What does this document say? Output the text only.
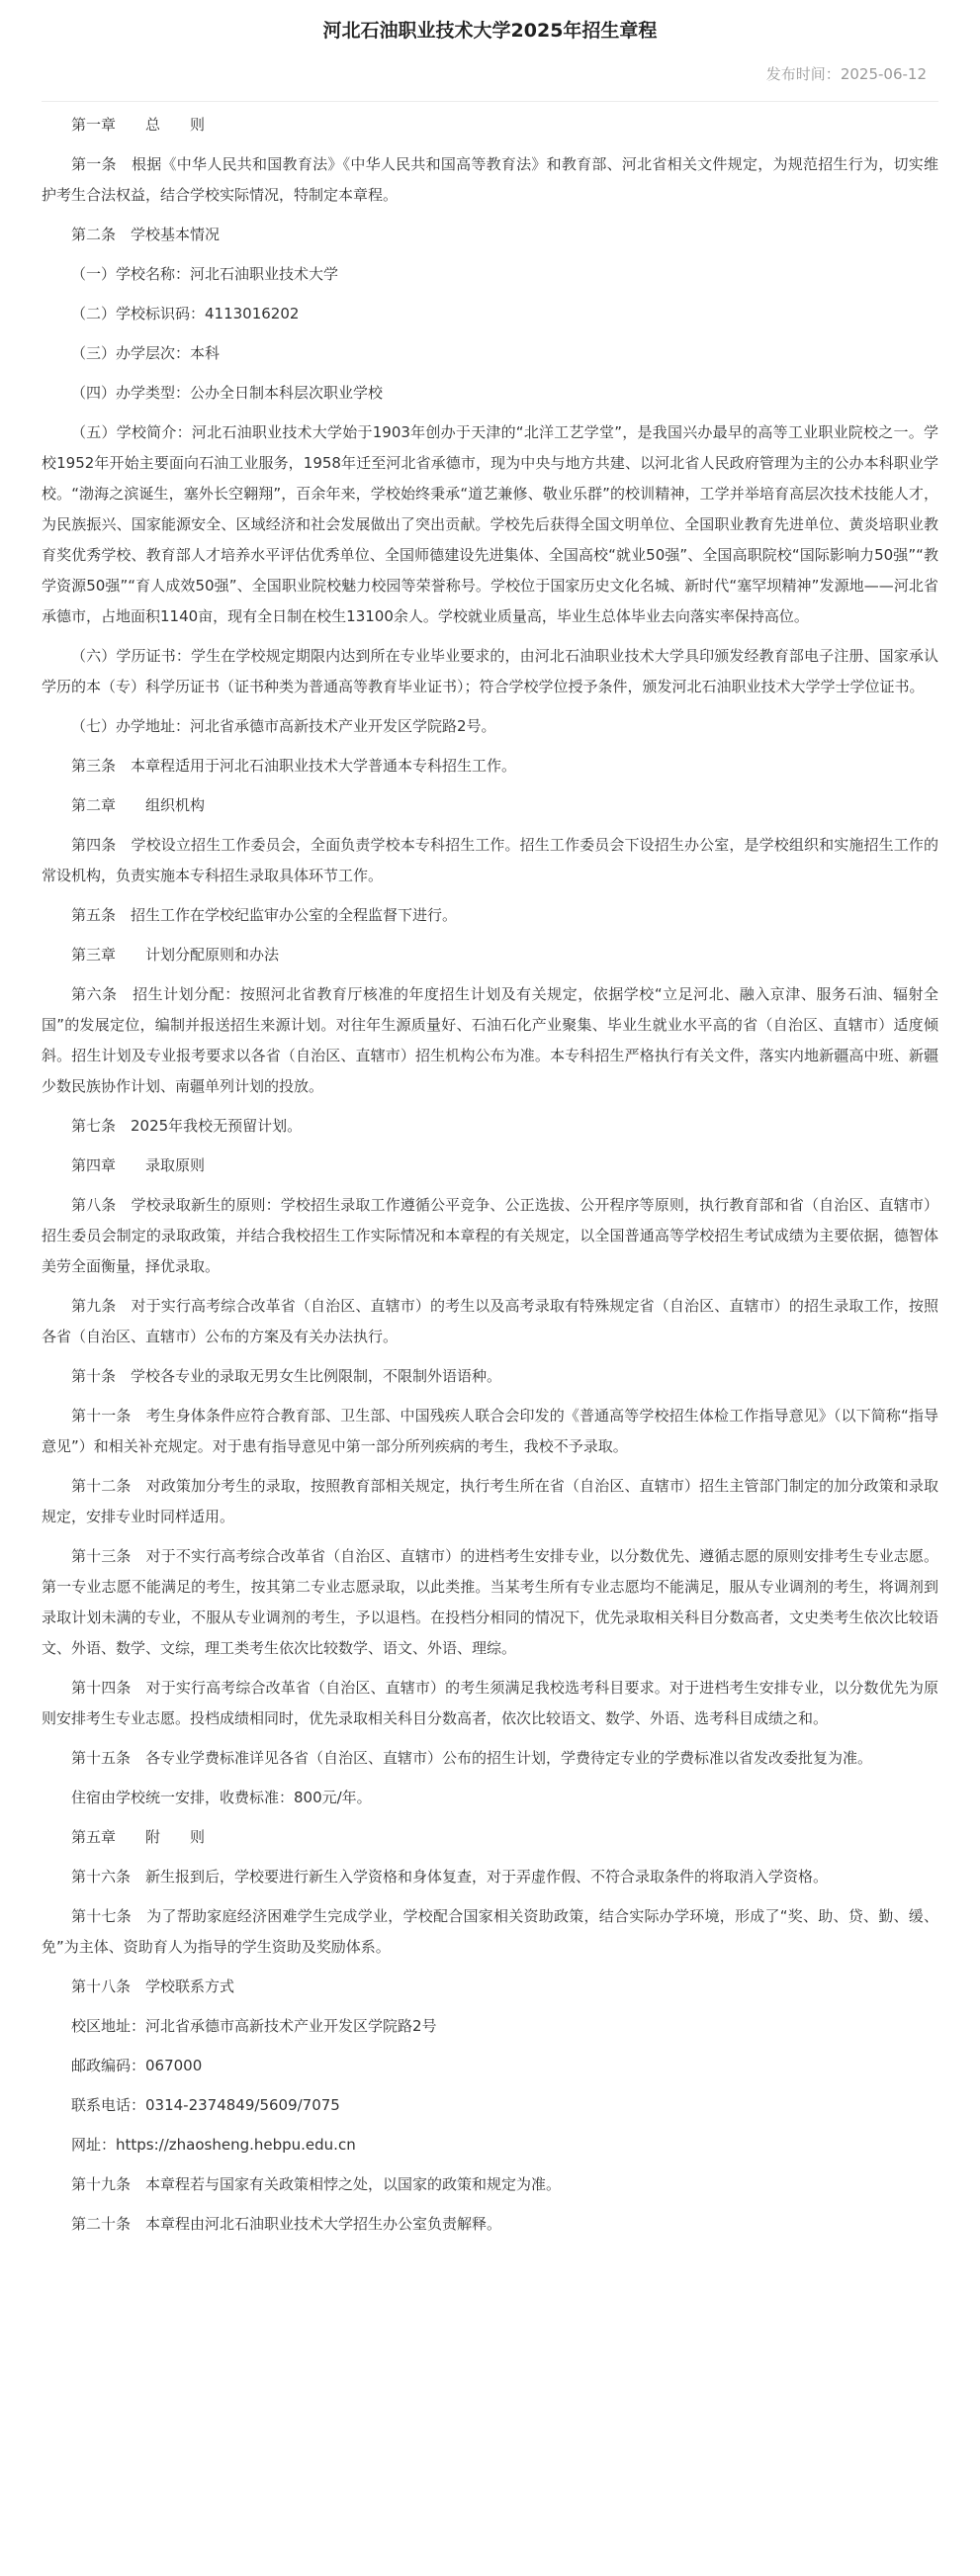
河北石油职业技术大学2025年招生章程
发布时间：2025-06-12

第一章　　总　　则

第一条　根据《中华人民共和国教育法》《中华人民共和国高等教育法》和教育部、河北省相关文件规定，为规范招生行为，切实维护考生合法权益，结合学校实际情况，特制定本章程。

第二条　学校基本情况

（一）学校名称：河北石油职业技术大学

（二）学校标识码：4113016202

（三）办学层次：本科

（四）办学类型：公办全日制本科层次职业学校

（五）学校简介：河北石油职业技术大学始于1903年创办于天津的“北洋工艺学堂”，是我国兴办最早的高等工业职业院校之一。学校1952年开始主要面向石油工业服务，1958年迁至河北省承德市，现为中央与地方共建、以河北省人民政府管理为主的公办本科职业学校。“渤海之滨诞生，塞外长空翱翔”，百余年来，学校始终秉承“道艺兼修、敬业乐群”的校训精神，工学并举培育高层次技术技能人才，为民族振兴、国家能源安全、区域经济和社会发展做出了突出贡献。学校先后获得全国文明单位、全国职业教育先进单位、黄炎培职业教育奖优秀学校、教育部人才培养水平评估优秀单位、全国师德建设先进集体、全国高校“就业50强”、全国高职院校“国际影响力50强”“教学资源50强”“育人成效50强”、全国职业院校魅力校园等荣誉称号。学校位于国家历史文化名城、新时代“塞罕坝精神”发源地——河北省承德市，占地面积1140亩，现有全日制在校生13100余人。学校就业质量高，毕业生总体毕业去向落实率保持高位。

（六）学历证书：学生在学校规定期限内达到所在专业毕业要求的，由河北石油职业技术大学具印颁发经教育部电子注册、国家承认学历的本（专）科学历证书（证书种类为普通高等教育毕业证书）；符合学校学位授予条件，颁发河北石油职业技术大学学士学位证书。

（七）办学地址：河北省承德市高新技术产业开发区学院路2号。

第三条　本章程适用于河北石油职业技术大学普通本专科招生工作。

第二章　　组织机构

第四条　学校设立招生工作委员会，全面负责学校本专科招生工作。招生工作委员会下设招生办公室，是学校组织和实施招生工作的常设机构，负责实施本专科招生录取具体环节工作。

第五条　招生工作在学校纪监审办公室的全程监督下进行。

第三章　　计划分配原则和办法

第六条　招生计划分配：按照河北省教育厅核准的年度招生计划及有关规定，依据学校“立足河北、融入京津、服务石油、辐射全国”的发展定位，编制并报送招生来源计划。对往年生源质量好、石油石化产业聚集、毕业生就业水平高的省（自治区、直辖市）适度倾斜。招生计划及专业报考要求以各省（自治区、直辖市）招生机构公布为准。本专科招生严格执行有关文件，落实内地新疆高中班、新疆少数民族协作计划、南疆单列计划的投放。

第七条　2025年我校无预留计划。

第四章　　录取原则

第八条　学校录取新生的原则：学校招生录取工作遵循公平竞争、公正选拔、公开程序等原则，执行教育部和省（自治区、直辖市）招生委员会制定的录取政策，并结合我校招生工作实际情况和本章程的有关规定，以全国普通高等学校招生考试成绩为主要依据，德智体美劳全面衡量，择优录取。

第九条　对于实行高考综合改革省（自治区、直辖市）的考生以及高考录取有特殊规定省（自治区、直辖市）的招生录取工作，按照各省（自治区、直辖市）公布的方案及有关办法执行。

第十条　学校各专业的录取无男女生比例限制，不限制外语语种。

第十一条　考生身体条件应符合教育部、卫生部、中国残疾人联合会印发的《普通高等学校招生体检工作指导意见》（以下简称“指导意见”）和相关补充规定。对于患有指导意见中第一部分所列疾病的考生，我校不予录取。

第十二条　对政策加分考生的录取，按照教育部相关规定，执行考生所在省（自治区、直辖市）招生主管部门制定的加分政策和录取规定，安排专业时同样适用。

第十三条　对于不实行高考综合改革省（自治区、直辖市）的进档考生安排专业，以分数优先、遵循志愿的原则安排考生专业志愿。第一专业志愿不能满足的考生，按其第二专业志愿录取，以此类推。当某考生所有专业志愿均不能满足，服从专业调剂的考生，将调剂到录取计划未满的专业，不服从专业调剂的考生，予以退档。在投档分相同的情况下，优先录取相关科目分数高者，文史类考生依次比较语文、外语、数学、文综，理工类考生依次比较数学、语文、外语、理综。

第十四条　对于实行高考综合改革省（自治区、直辖市）的考生须满足我校选考科目要求。对于进档考生安排专业，以分数优先为原则安排考生专业志愿。投档成绩相同时，优先录取相关科目分数高者，依次比较语文、数学、外语、选考科目成绩之和。

第十五条　各专业学费标准详见各省（自治区、直辖市）公布的招生计划，学费待定专业的学费标准以省发改委批复为准。

住宿由学校统一安排，收费标准：800元/年。

第五章　　附　　则

第十六条　新生报到后，学校要进行新生入学资格和身体复查，对于弄虚作假、不符合录取条件的将取消入学资格。

第十七条　为了帮助家庭经济困难学生完成学业，学校配合国家相关资助政策，结合实际办学环境，形成了“奖、助、贷、勤、缓、免”为主体、资助育人为指导的学生资助及奖励体系。

第十八条　学校联系方式

校区地址：河北省承德市高新技术产业开发区学院路2号

邮政编码：067000

联系电话：0314-2374849/5609/7075

网址：https://zhaosheng.hebpu.edu.cn

第十九条　本章程若与国家有关政策相悖之处，以国家的政策和规定为准。

第二十条　本章程由河北石油职业技术大学招生办公室负责解释。
